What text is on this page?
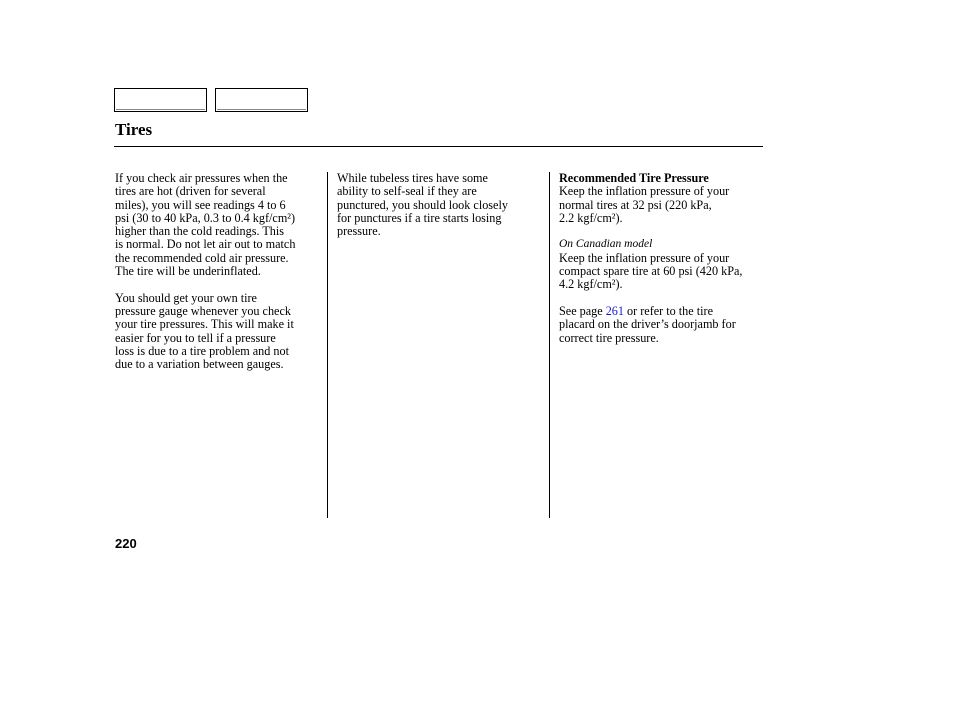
Tires

If you check air pressures when the
tires are hot (driven for several
miles), you will see readings 4 to 6
psi (30 to 40 kPa, 0.3 to 0.4 kgf/cm²)
higher than the cold readings. This
is normal. Do not let air out to match
the recommended cold air pressure.
The tire will be underinflated.

You should get your own tire
pressure gauge whenever you check
your tire pressures. This will make it
easier for you to tell if a pressure
loss is due to a tire problem and not
due to a variation between gauges.

While tubeless tires have some
ability to self-seal if they are
punctured, you should look closely
for punctures if a tire starts losing
pressure.

Recommended Tire Pressure

Keep the inflation pressure of your
normal tires at 32 psi (220 kPa,
2.2 kgf/cm²).

On Canadian model

Keep the inflation pressure of your
compact spare tire at 60 psi (420 kPa,
4.2 kgf/cm²).

See page 261 or refer to the tire
placard on the driver’s doorjamb for
correct tire pressure.

220
